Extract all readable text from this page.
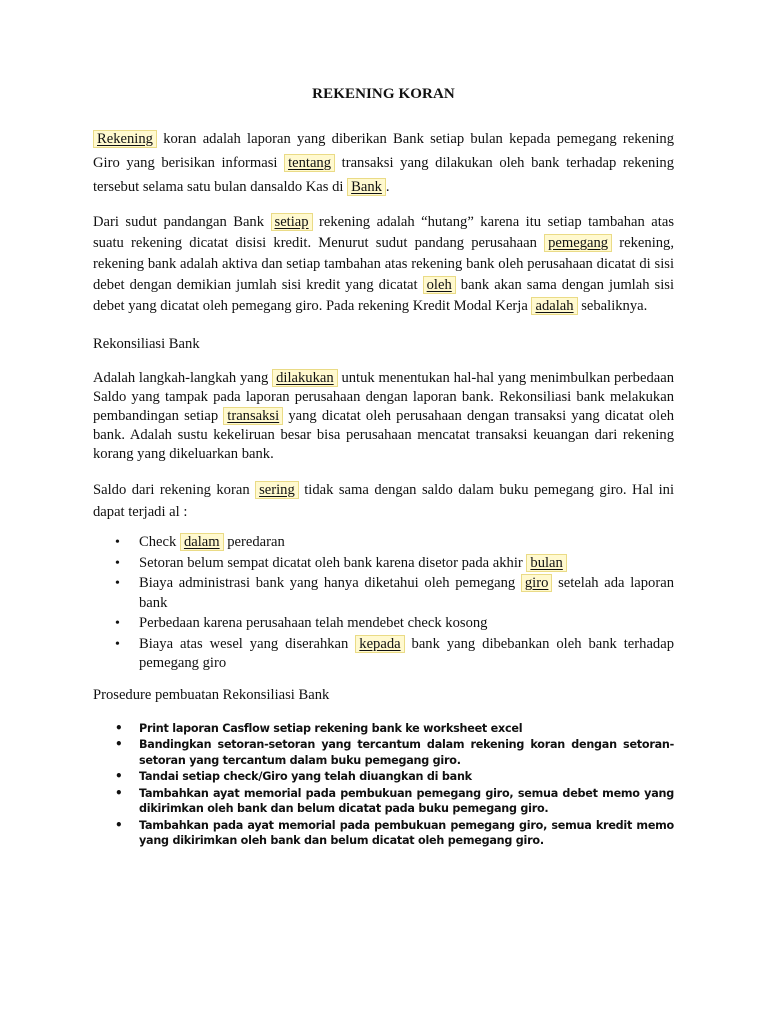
REKENING KORAN

Rekening koran adalah laporan yang diberikan Bank setiap bulan kepada pemegang rekening Giro yang berisikan informasi tentang transaksi yang dilakukan oleh bank terhadap rekening tersebut selama satu bulan dansaldo Kas di Bank .

Dari sudut pandangan Bank setiap rekening adalah “hutang” karena itu setiap tambahan atas suatu rekening dicatat disisi kredit. Menurut sudut pandang perusahaan pemegang rekening, rekening bank adalah aktiva dan setiap tambahan atas rekening bank oleh perusahaan dicatat di sisi debet dengan demikian jumlah sisi kredit yang dicatat oleh bank akan sama dengan jumlah sisi debet yang dicatat oleh pemegang giro. Pada rekening Kredit Modal Kerja adalah sebaliknya.

Rekonsiliasi Bank

Adalah langkah-langkah yang dilakukan untuk menentukan hal-hal yang menimbulkan perbedaan Saldo yang tampak pada laporan perusahaan dengan laporan bank. Rekonsiliasi bank melakukan pembandingan setiap transaksi yang dicatat oleh perusahaan dengan transaksi yang dicatat oleh bank. Adalah sustu kekeliruan besar bisa perusahaan mencatat transaksi keuangan dari rekening korang yang dikeluarkan bank.

Saldo dari rekening koran sering tidak sama dengan saldo dalam buku pemegang giro. Hal ini dapat terjadi al :

• Check dalam peredaran
• Setoran belum sempat dicatat oleh bank karena disetor pada akhir bulan
• Biaya administrasi bank yang hanya diketahui oleh pemegang giro setelah ada laporan bank
• Perbedaan karena perusahaan telah mendebet check kosong
• Biaya atas wesel yang diserahkan kepada bank yang dibebankan oleh bank terhadap pemegang giro

Prosedure pembuatan Rekonsiliasi Bank

• Print laporan Casflow setiap rekening bank ke worksheet excel
• Bandingkan setoran-setoran yang tercantum dalam rekening koran dengan setoran-setoran yang tercantum dalam buku pemegang giro.
• Tandai setiap check/Giro yang telah diuangkan di bank
• Tambahkan ayat memorial pada pembukuan pemegang giro, semua debet memo yang dikirimkan oleh bank dan belum dicatat pada buku pemegang giro.
• Tambahkan pada ayat memorial pada pembukuan pemegang giro, semua kredit memo yang dikirimkan oleh bank dan belum dicatat oleh pemegang giro.
